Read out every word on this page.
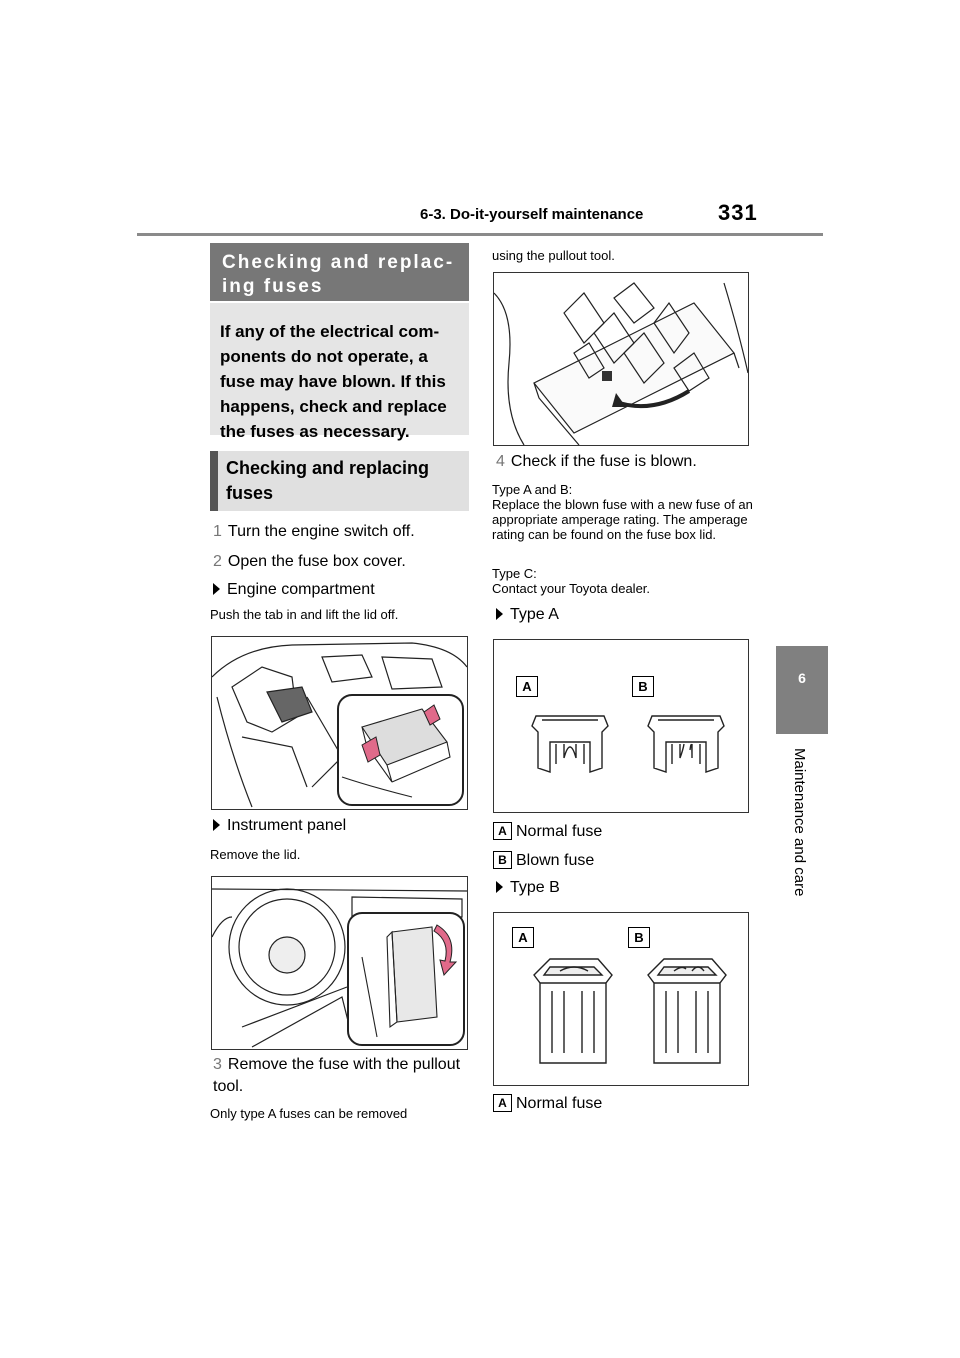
6-3. Do-it-yourself maintenance	331
6
Maintenance and care
Checking and replac-
ing fuses
If any of the electrical com-ponents do not operate, a fuse may have blown. If this happens, check and replace the fuses as necessary.
Checking and replacing fuses
1 Turn the engine switch off.
2 Open the fuse box cover.
Engine compartment
Push the tab in and lift the lid off.
Instrument panel
Remove the lid.
3 Remove the fuse with the pullout tool.
Only type A fuses can be removed
using the pullout tool.
4 Check if the fuse is blown.
Type A and B:
Replace the blown fuse with a new fuse of an appropriate amperage rating. The amperage rating can be found on the fuse box lid.
Type C:
Contact your Toyota dealer.
Type A
A	B
A Normal fuse
B Blown fuse
Type B
A	B
A Normal fuse
